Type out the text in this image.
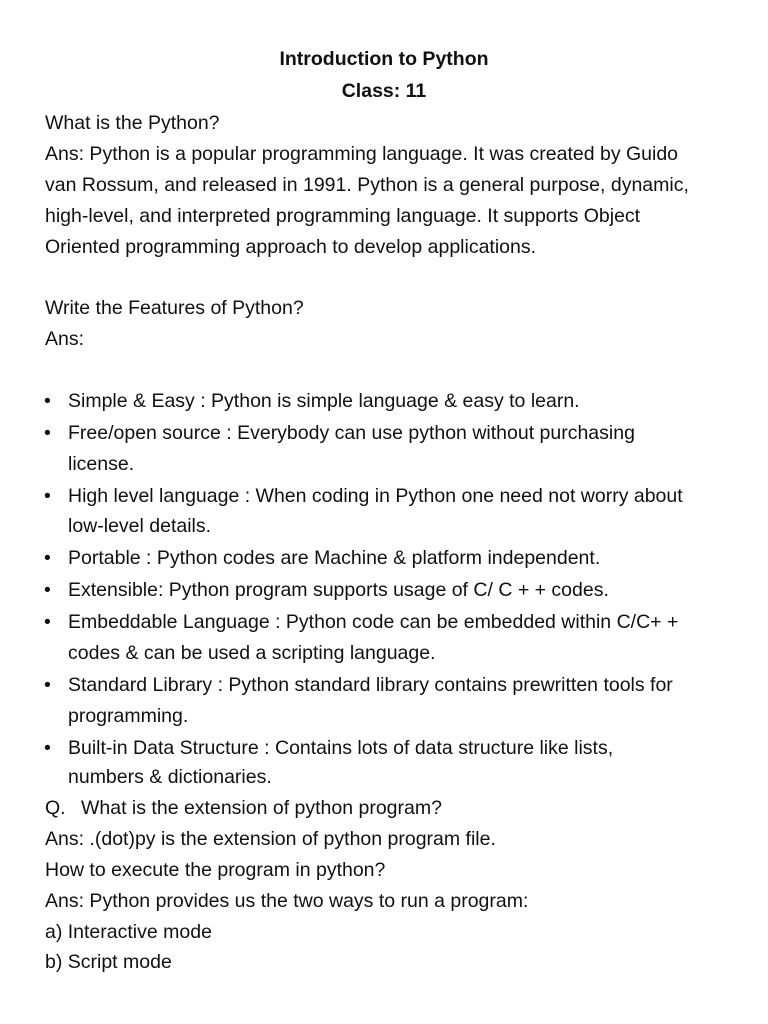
Introduction to Python
Class: 11
What is the Python?
Ans: Python is a popular programming language. It was created by Guido
van Rossum, and released in 1991. Python is a general purpose, dynamic,
high-level, and interpreted programming language. It supports Object
Oriented programming approach to develop applications.
Write the Features of Python?
Ans:
• Simple & Easy : Python is simple language & easy to learn.
• Free/open source : Everybody can use python without purchasing
license.
• High level language : When coding in Python one need not worry about
low-level details.
• Portable : Python codes are Machine & platform independent.
• Extensible: Python program supports usage of C/ C + + codes.
• Embeddable Language : Python code can be embedded within C/C+ +
codes & can be used a scripting language.
• Standard Library : Python standard library contains prewritten tools for
programming.
• Built-in Data Structure : Contains lots of data structure like lists,
numbers & dictionaries.
Q. What is the extension of python program?
Ans: .(dot)py is the extension of python program file.
How to execute the program in python?
Ans: Python provides us the two ways to run a program:
a) Interactive mode
b) Script mode
